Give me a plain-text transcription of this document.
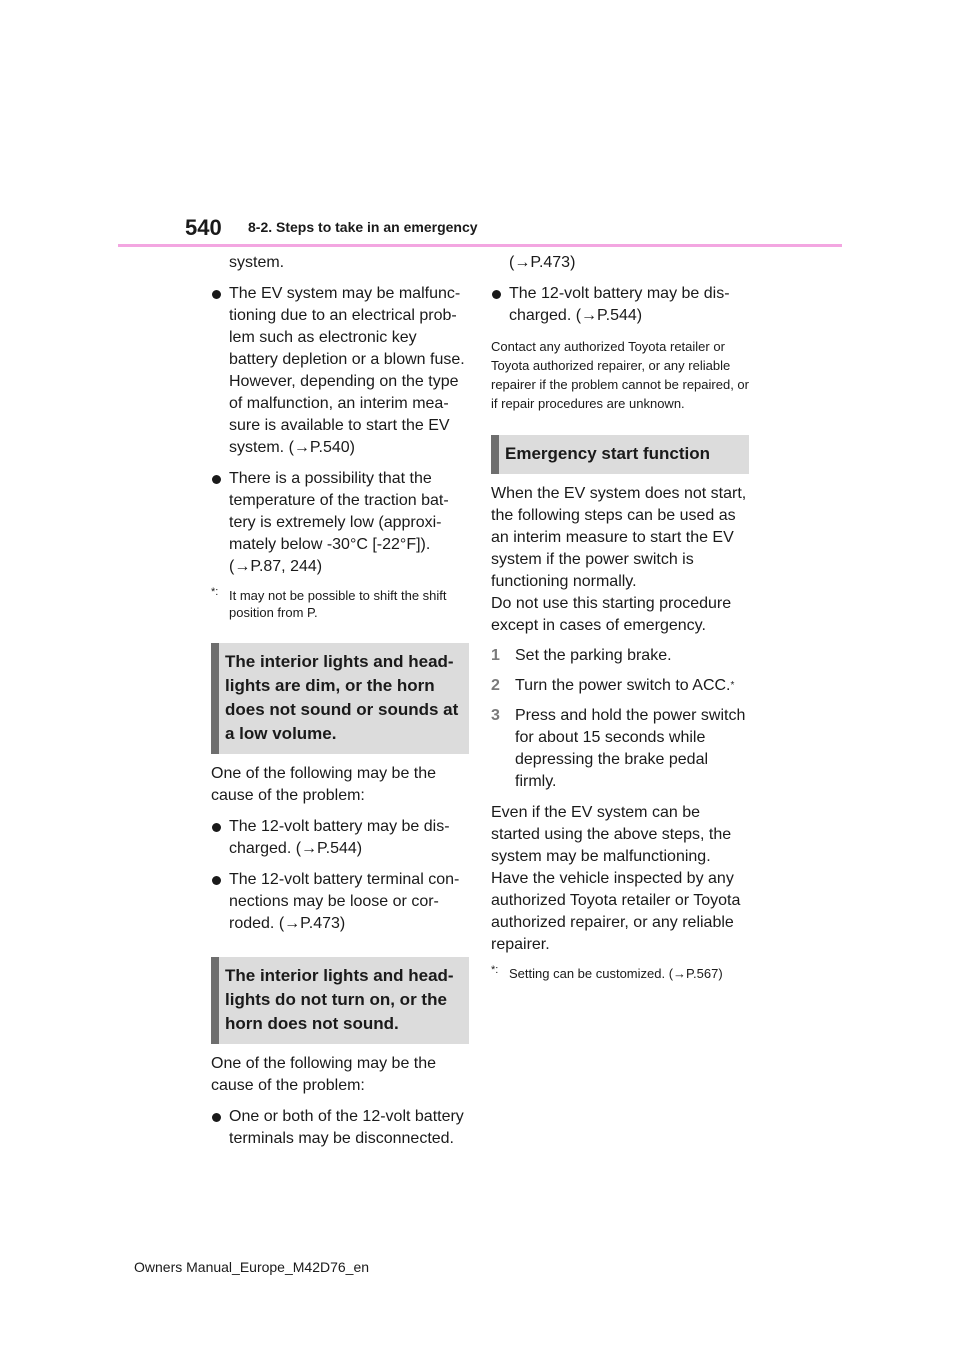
540 8-2. Steps to take in an emergency

system.

The EV system may be malfunc-tioning due to an electrical prob-lem such as electronic key battery depletion or a blown fuse. However, depending on the type of malfunction, an interim mea-sure is available to start the EV system. (→P.540)

There is a possibility that the temperature of the traction bat-tery is extremely low (approxi-mately below -30°C [-22°F]). (→P.87, 244)

*: It may not be possible to shift the shift position from P.
The interior lights and head-lights are dim, or the horn does not sound or sounds at a low volume.

One of the following may be the cause of the problem:

The 12-volt battery may be dis-charged. (→P.544)

The 12-volt battery terminal con-nections may be loose or cor-roded. (→P.473)

The interior lights and head-lights do not turn on, or the horn does not sound.

One of the following may be the cause of the problem:

One or both of the 12-volt battery terminals may be disconnected.

(→P.473)

The 12-volt battery may be dis-charged. (→P.544)

Contact any authorized Toyota retailer or Toyota authorized repairer, or any reliable repairer if the problem cannot be repaired, or if repair procedures are unknown.

Emergency start function

When the EV system does not start, the following steps can be used as an interim measure to start the EV system if the power switch is functioning normally.

Do not use this starting procedure except in cases of emergency.

1 Set the parking brake.
2 Turn the power switch to ACC.*
3 Press and hold the power switch for about 15 seconds while depressing the brake pedal firmly.

Even if the EV system can be started using the above steps, the system may be malfunctioning. Have the vehicle inspected by any authorized Toyota retailer or Toyota authorized repairer, or any reliable repairer.

*: Setting can be customized. (→P.567)
Owners Manual_Europe_M42D76_en
